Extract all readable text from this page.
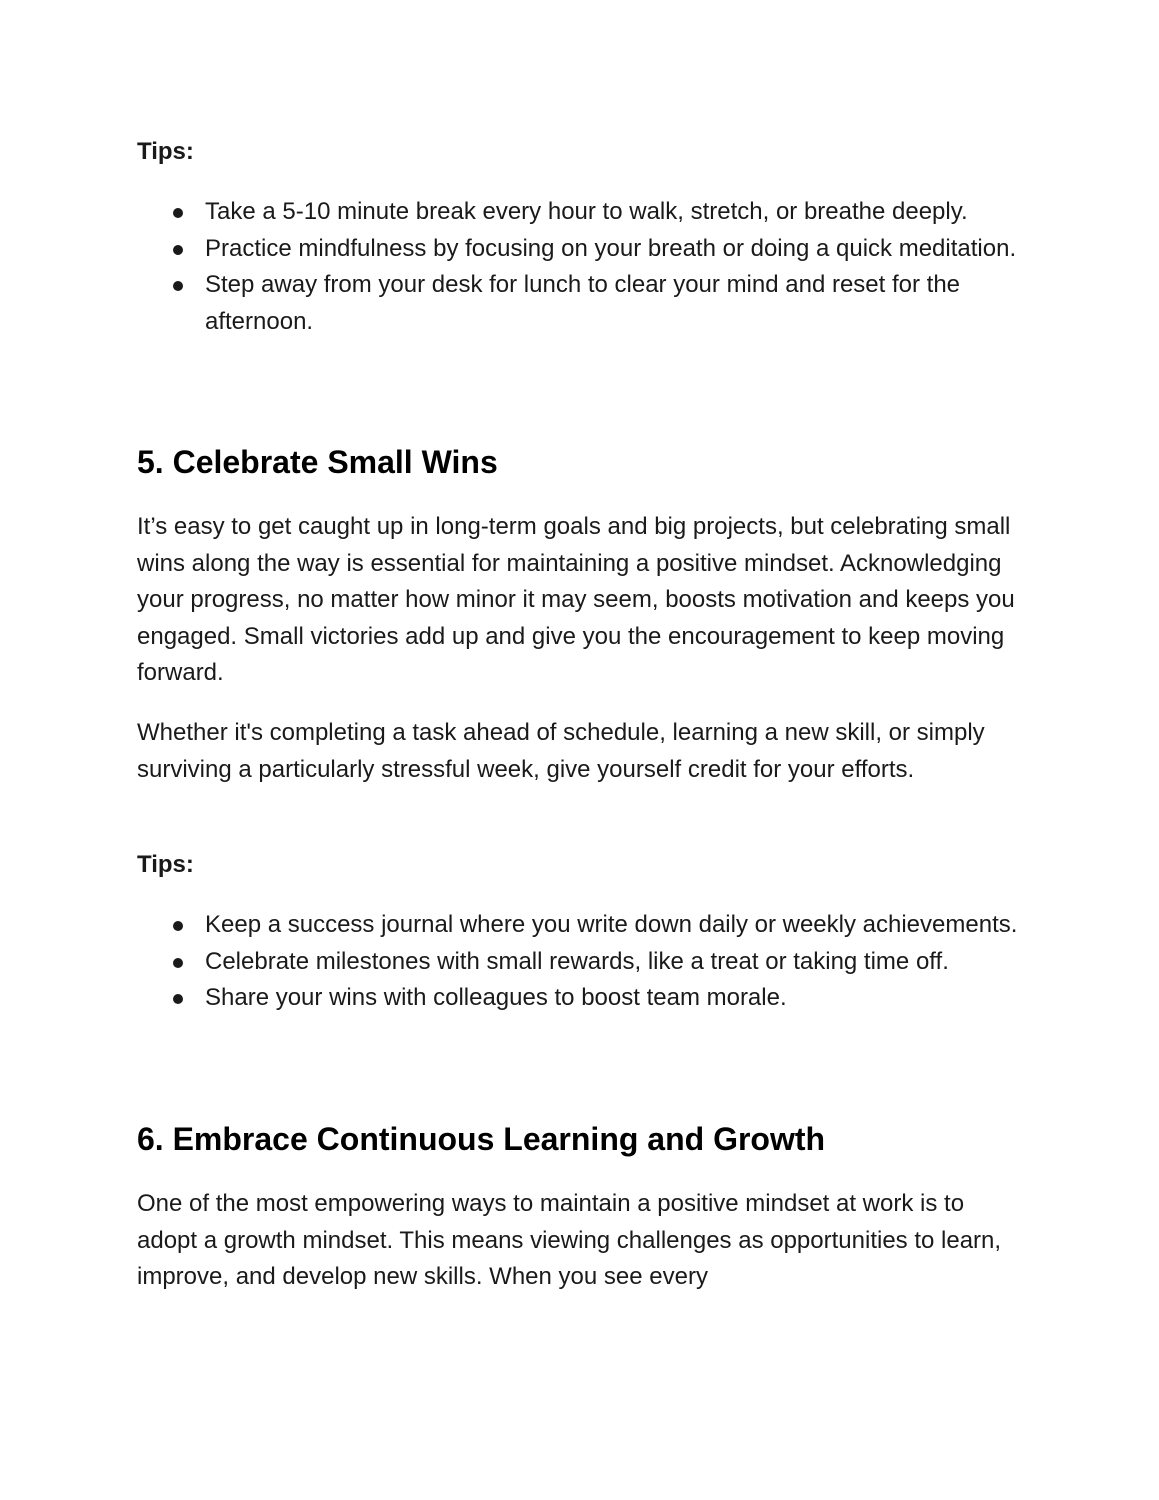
Tips:

Take a 5-10 minute break every hour to walk, stretch, or breathe deeply.
Practice mindfulness by focusing on your breath or doing a quick meditation.
Step away from your desk for lunch to clear your mind and reset for the afternoon.
5. Celebrate Small Wins

It’s easy to get caught up in long-term goals and big projects, but celebrating small wins along the way is essential for maintaining a positive mindset. Acknowledging your progress, no matter how minor it may seem, boosts motivation and keeps you engaged. Small victories add up and give you the encouragement to keep moving forward.

Whether it's completing a task ahead of schedule, learning a new skill, or simply surviving a particularly stressful week, give yourself credit for your efforts.

Tips:

Keep a success journal where you write down daily or weekly achievements.
Celebrate milestones with small rewards, like a treat or taking time off.
Share your wins with colleagues to boost team morale.
6. Embrace Continuous Learning and Growth

One of the most empowering ways to maintain a positive mindset at work is to adopt a growth mindset. This means viewing challenges as opportunities to learn, improve, and develop new skills. When you see every
